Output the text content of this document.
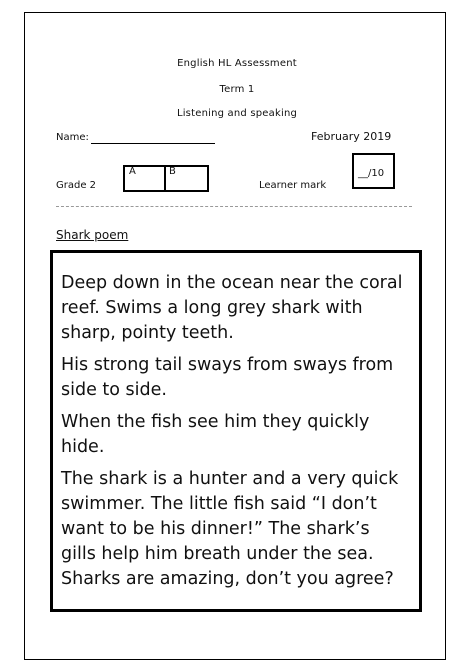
English HL Assessment
Term 1
Listening and speaking
Name:	February 2019
Grade 2
A	B
Learner mark
__/10
Shark poem

Deep down in the ocean near the coral reef. Swims a long grey shark with sharp, pointy teeth.

His strong tail sways from sways from side to side.

When the fish see him they quickly hide.

The shark is a hunter and a very quick swimmer. The little fish said “I don’t want to be his dinner!” The shark’s gills help him breath under the sea. Sharks are amazing, don’t you agree?
